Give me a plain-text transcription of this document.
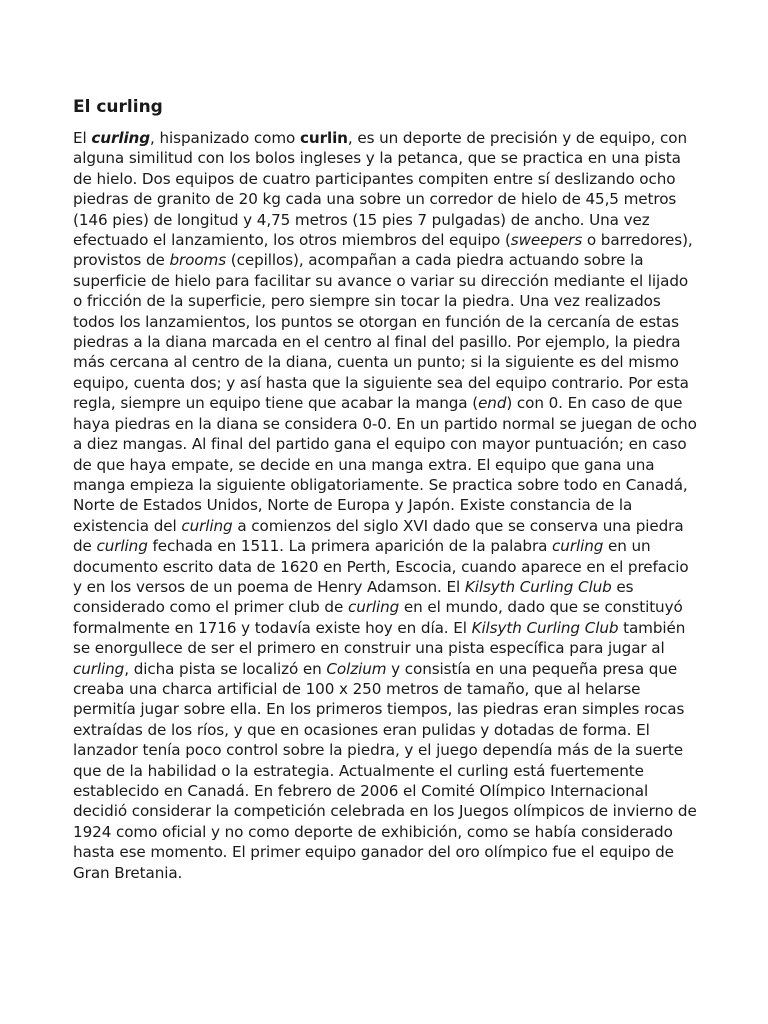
El curling

El curling, hispanizado como curlin, es un deporte de precisión y de equipo, con alguna similitud con los bolos ingleses y la petanca, que se practica en una pista de hielo. Dos equipos de cuatro participantes compiten entre sí deslizando ocho piedras de granito de 20 kg cada una sobre un corredor de hielo de 45,5 metros (146 pies) de longitud y 4,75 metros (15 pies 7 pulgadas) de ancho. Una vez efectuado el lanzamiento, los otros miembros del equipo (sweepers o barredores), provistos de brooms (cepillos), acompañan a cada piedra actuando sobre la superficie de hielo para facilitar su avance o variar su dirección mediante el lijado o fricción de la superficie, pero siempre sin tocar la piedra. Una vez realizados todos los lanzamientos, los puntos se otorgan en función de la cercanía de estas piedras a la diana marcada en el centro al final del pasillo. Por ejemplo, la piedra más cercana al centro de la diana, cuenta un punto; si la siguiente es del mismo equipo, cuenta dos; y así hasta que la siguiente sea del equipo contrario. Por esta regla, siempre un equipo tiene que acabar la manga (end) con 0. En caso de que haya piedras en la diana se considera 0-0. En un partido normal se juegan de ocho a diez mangas. Al final del partido gana el equipo con mayor puntuación; en caso de que haya empate, se decide en una manga extra. El equipo que gana una manga empieza la siguiente obligatoriamente. Se practica sobre todo en Canadá, Norte de Estados Unidos, Norte de Europa y Japón. Existe constancia de la existencia del curling a comienzos del siglo XVI dado que se conserva una piedra de curling fechada en 1511. La primera aparición de la palabra curling en un documento escrito data de 1620 en Perth, Escocia, cuando aparece en el prefacio y en los versos de un poema de Henry Adamson. El Kilsyth Curling Club es considerado como el primer club de curling en el mundo, dado que se constituyó formalmente en 1716 y todavía existe hoy en día. El Kilsyth Curling Club también se enorgullece de ser el primero en construir una pista específica para jugar al curling, dicha pista se localizó en Colzium y consistía en una pequeña presa que creaba una charca artificial de 100 x 250 metros de tamaño, que al helarse permitía jugar sobre ella. En los primeros tiempos, las piedras eran simples rocas extraídas de los ríos, y que en ocasiones eran pulidas y dotadas de forma. El lanzador tenía poco control sobre la piedra, y el juego dependía más de la suerte que de la habilidad o la estrategia. Actualmente el curling está fuertemente establecido en Canadá. En febrero de 2006 el Comité Olímpico Internacional decidió considerar la competición celebrada en los Juegos olímpicos de invierno de 1924 como oficial y no como deporte de exhibición, como se había considerado hasta ese momento. El primer equipo ganador del oro olímpico fue el equipo de Gran Bretania.
